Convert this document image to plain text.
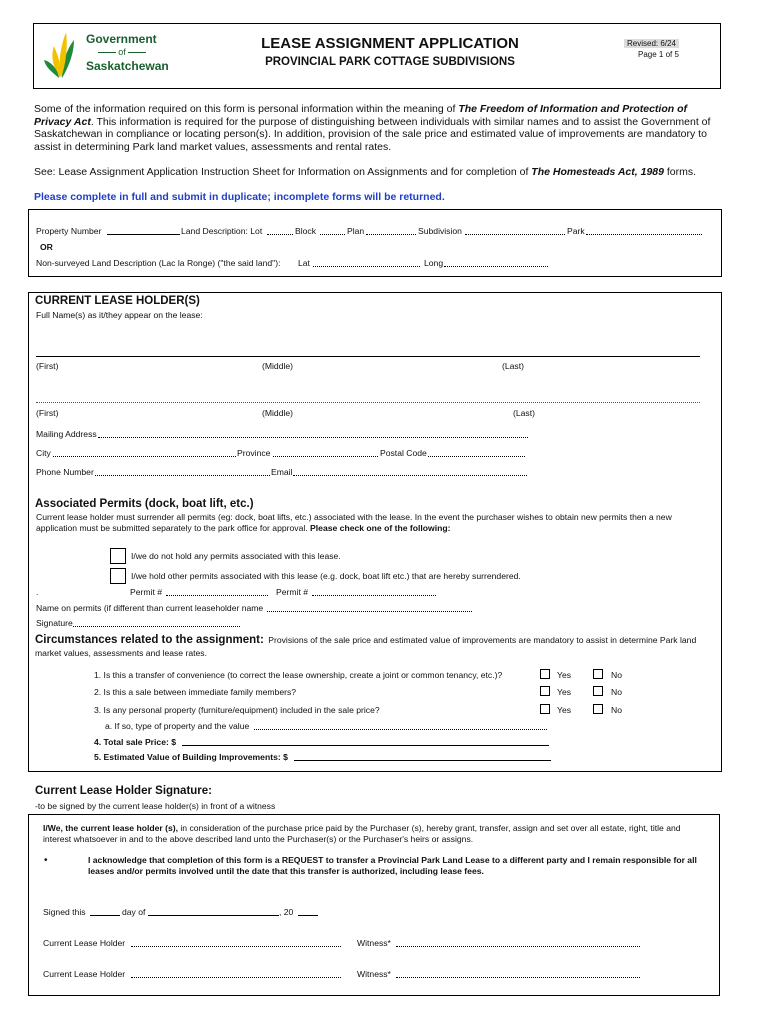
Government
of
Saskatchewan
LEASE ASSIGNMENT APPLICATION
PROVINCIAL PARK COTTAGE SUBDIVISIONS
Revised: 6/24
Page 1 of 5
Some of the information required on this form is personal information within the meaning of The Freedom of Information and Protection of Privacy Act. This information is required for the purpose of distinguishing between individuals with similar names and to assist the Government of Saskatchewan in compliance or locating person(s). In addition, provision of the sale price and estimated value of improvements are mandatory to assist in determining Park land market values, assessments and rental rates.
See: Lease Assignment Application Instruction Sheet for Information on Assignments and for completion of The Homesteads Act, 1989 forms.
Please complete in full and submit in duplicate; incomplete forms will be returned.
Property Number	Land Description: Lot	Block	Plan	Subdivision	Park
OR
Non-surveyed Land Description (Lac la Ronge) ("the said land"): Lat	Long
CURRENT LEASE HOLDER(S)
Full Name(s) as it/they appear on the lease:
(First)	(Middle)	(Last)
(First)	(Middle)	(Last)
Mailing Address
City	Province	Postal Code
Phone Number	Email
Associated Permits (dock, boat lift, etc.)
Current lease holder must surrender all permits (eg: dock, boat lifts, etc.) associated with the lease. In the event the purchaser wishes to obtain new permits then a new application must be submitted separately to the park office for approval. Please check one of the following:
I/we do not hold any permits associated with this lease.
I/we hold other permits associated with this lease (e.g. dock, boat lift etc.) that are hereby surrendered.
.	Permit #	Permit #
Name on permits (if different than current leaseholder name
Signature
Circumstances related to the assignment: Provisions of the sale price and estimated value of improvements are mandatory to assist in determine Park land market values, assessments and lease rates.
1. Is this a transfer of convenience (to correct the lease ownership, create a joint or common tenancy, etc.)?	Yes	No
2. Is this a sale between immediate family members?	Yes	No
3. Is any personal property (furniture/equipment) included in the sale price?	Yes	No
a. If so, type of property and the value
4. Total sale Price: $
5. Estimated Value of Building Improvements: $
Current Lease Holder Signature:
-to be signed by the current lease holder(s) in front of a witness
I/We, the current lease holder (s), in consideration of the purchase price paid by the Purchaser (s), hereby grant, transfer, assign and set over all estate, right, title and interest whatsoever in and to the above described land unto the Purchaser(s) or the Purchaser's heirs or assigns.
•	I acknowledge that completion of this form is a REQUEST to transfer a Provincial Park Land Lease to a different party and I remain responsible for all leases and/or permits involved until the date that this transfer is authorized, including lease fees.
Signed this	day of	, 20
Current Lease Holder	Witness*
Current Lease Holder	Witness*
